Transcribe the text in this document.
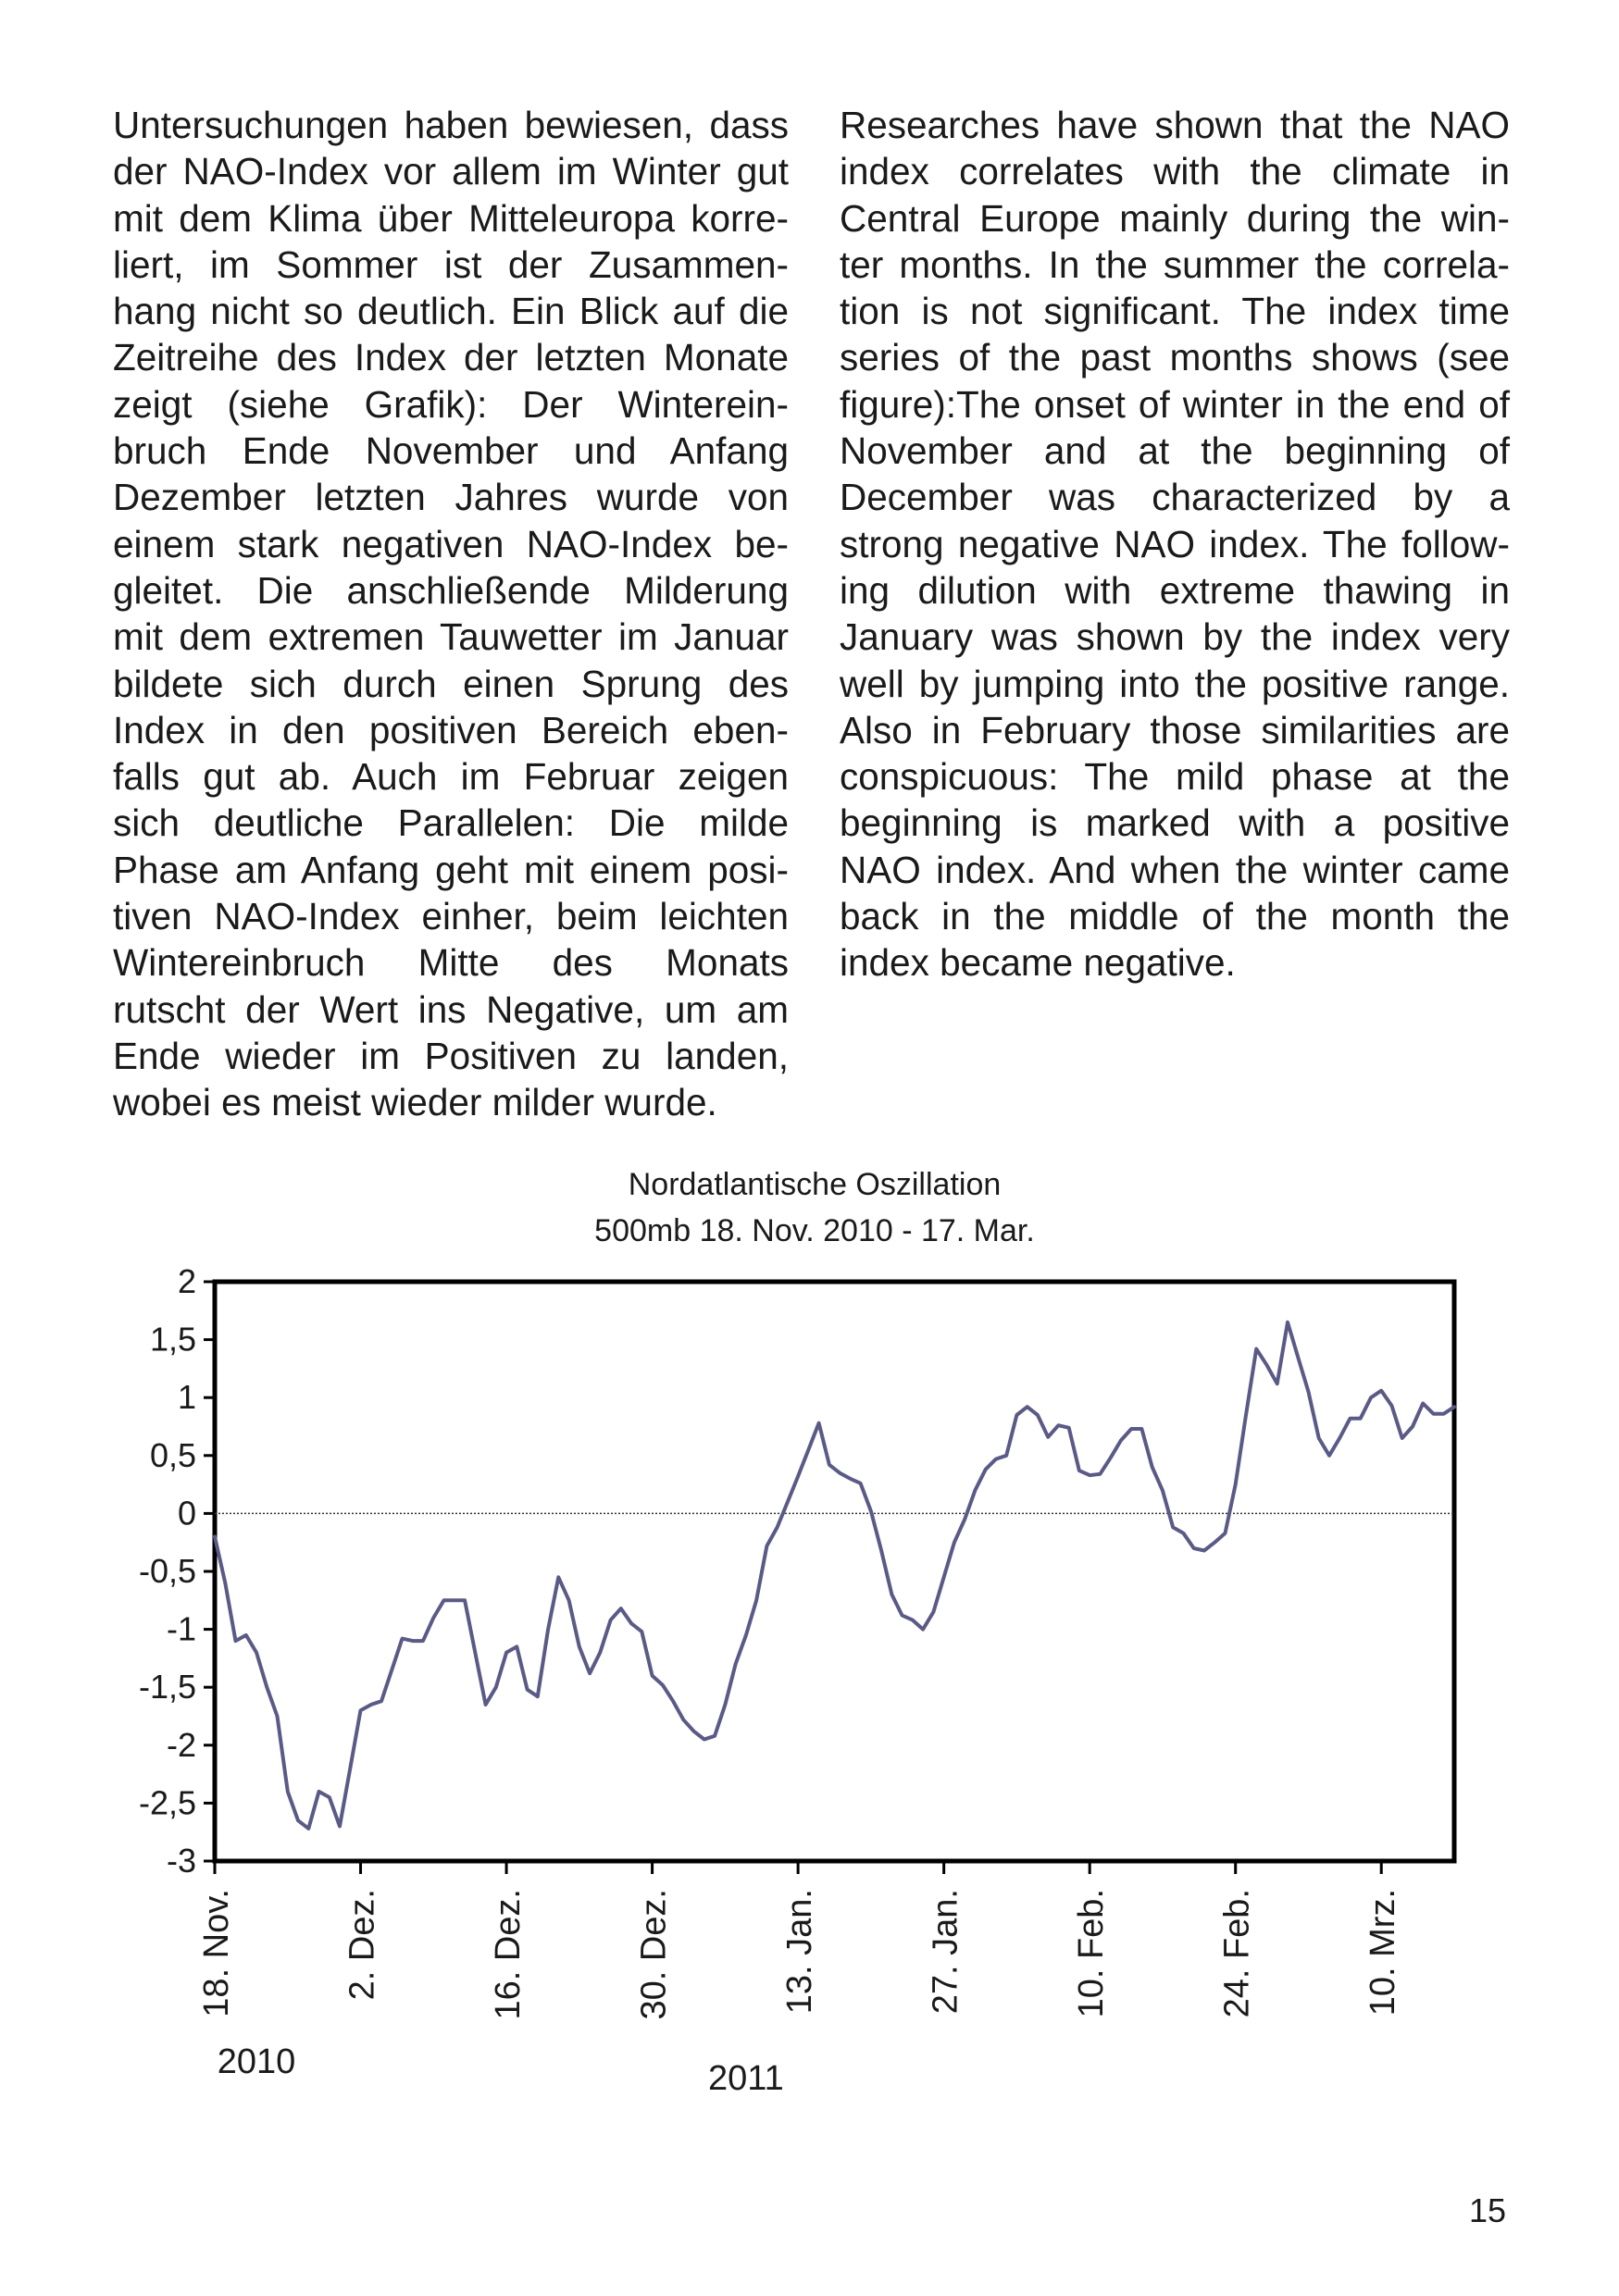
Untersuchungen haben bewiesen, dass
der NAO-Index vor allem im Winter gut
mit dem Klima über Mitteleuropa korre-
liert, im Sommer ist der Zusammen-
hang nicht so deutlich. Ein Blick auf die
Zeitreihe des Index der letzten Monate
zeigt (siehe Grafik): Der Winterein-
bruch Ende November und Anfang
Dezember letzten Jahres wurde von
einem stark negativen NAO-Index be-
gleitet. Die anschließende Milderung
mit dem extremen Tauwetter im Januar
bildete sich durch einen Sprung des
Index in den positiven Bereich eben-
falls gut ab. Auch im Februar zeigen
sich deutliche Parallelen: Die milde
Phase am Anfang geht mit einem posi-
tiven NAO-Index einher, beim leichten
Wintereinbruch Mitte des Monats
rutscht der Wert ins Negative, um am
Ende wieder im Positiven zu landen,
wobei es meist wieder milder wurde.
Researches have shown that the NAO
index correlates with the climate in
Central Europe mainly during the win-
ter months. In the summer the correla-
tion is not significant. The index time
series of the past months shows (see
figure):The onset of winter in the end of
November and at the beginning of
December was characterized by a
strong negative NAO index. The follow-
ing dilution with extreme thawing in
January was shown by the index very
well by jumping into the positive range.
Also in February those similarities are
conspicuous: The mild phase at the
beginning is marked with a positive
NAO index. And when the winter came
back in the middle of the month the
index became negative.
Nordatlantische Oszillation
500mb 18. Nov. 2010 - 17. Mar.
2
1,5
1
0,5
0
-0,5
-1
-1,5
-2
-2,5
-3
18. Nov.	2. Dez.	16. Dez.	30. Dez.	13. Jan.	27. Jan.	10. Feb.	24. Feb.	10. Mrz.
2010	2011
15
